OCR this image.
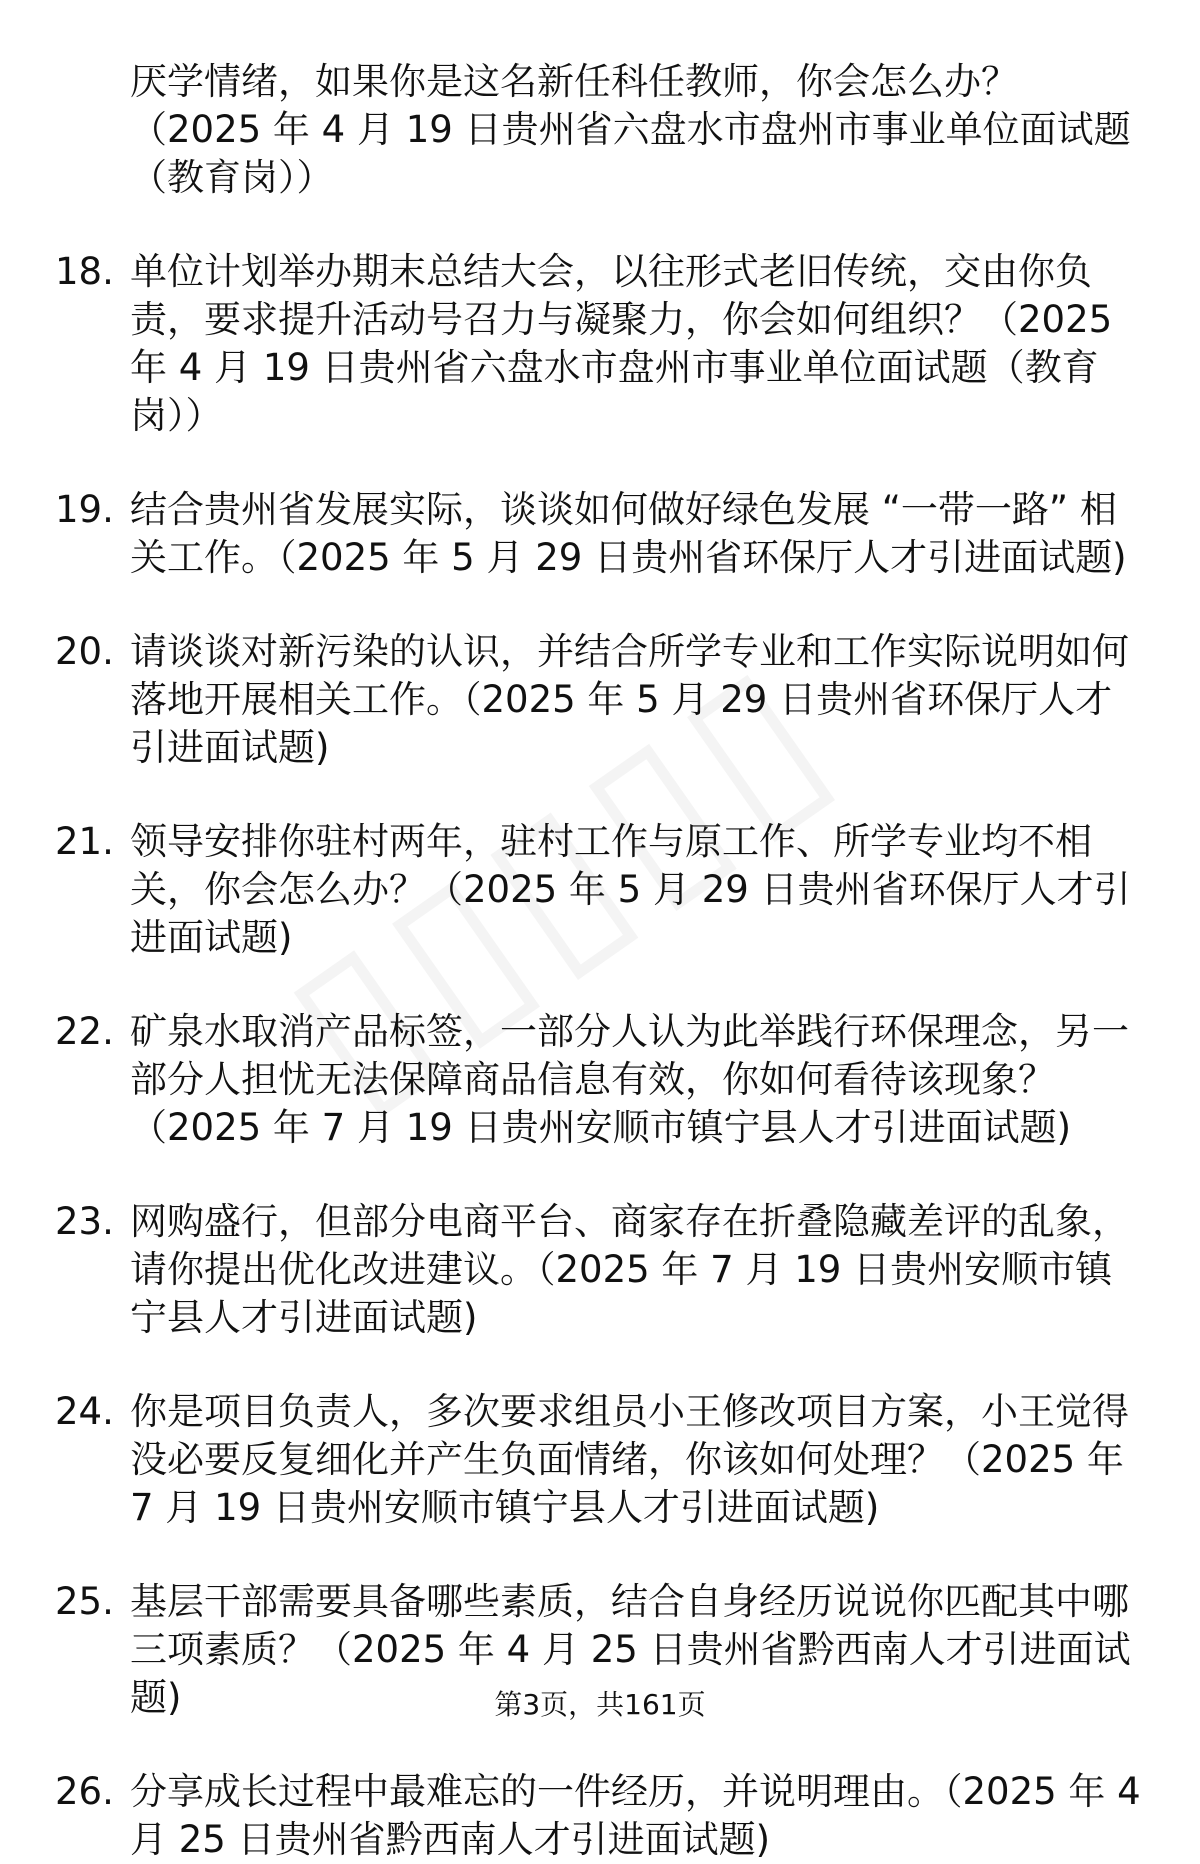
厌学情绪，如果你是这名新任科任教师，你会怎么办？（2025 年 4 月 19 日贵州省六盘水市盘州市事业单位面试题（教育岗））
18. 单位计划举办期末总结大会，以往形式老旧传统，交由你负责，要求提升活动号召力与凝聚力，你会如何组织？（2025 年 4 月 19 日贵州省六盘水市盘州市事业单位面试题（教育岗））
19. 结合贵州省发展实际，谈谈如何做好绿色发展 “一带一路” 相关工作。（2025 年 5 月 29 日贵州省环保厅人才引进面试题)
20. 请谈谈对新污染的认识，并结合所学专业和工作实际说明如何落地开展相关工作。（2025 年 5 月 29 日贵州省环保厅人才引进面试题)
21. 领导安排你驻村两年，驻村工作与原工作、所学专业均不相关，你会怎么办？（2025 年 5 月 29 日贵州省环保厅人才引进面试题)
22. 矿泉水取消产品标签，一部分人认为此举践行环保理念，另一部分人担忧无法保障商品信息有效，你如何看待该现象？（2025 年 7 月 19 日贵州安顺市镇宁县人才引进面试题)
23. 网购盛行，但部分电商平台、商家存在折叠隐藏差评的乱象，请你提出优化改进建议。（2025 年 7 月 19 日贵州安顺市镇宁县人才引进面试题)
24. 你是项目负责人，多次要求组员小王修改项目方案，小王觉得没必要反复细化并产生负面情绪，你该如何处理？（2025 年 7 月 19 日贵州安顺市镇宁县人才引进面试题)
25. 基层干部需要具备哪些素质，结合自身经历说说你匹配其中哪三项素质？（2025 年 4 月 25 日贵州省黔西南人才引进面试题)
26. 分享成长过程中最难忘的一件经历，并说明理由。（2025 年 4 月 25 日贵州省黔西南人才引进面试题)
第3页，共161页
